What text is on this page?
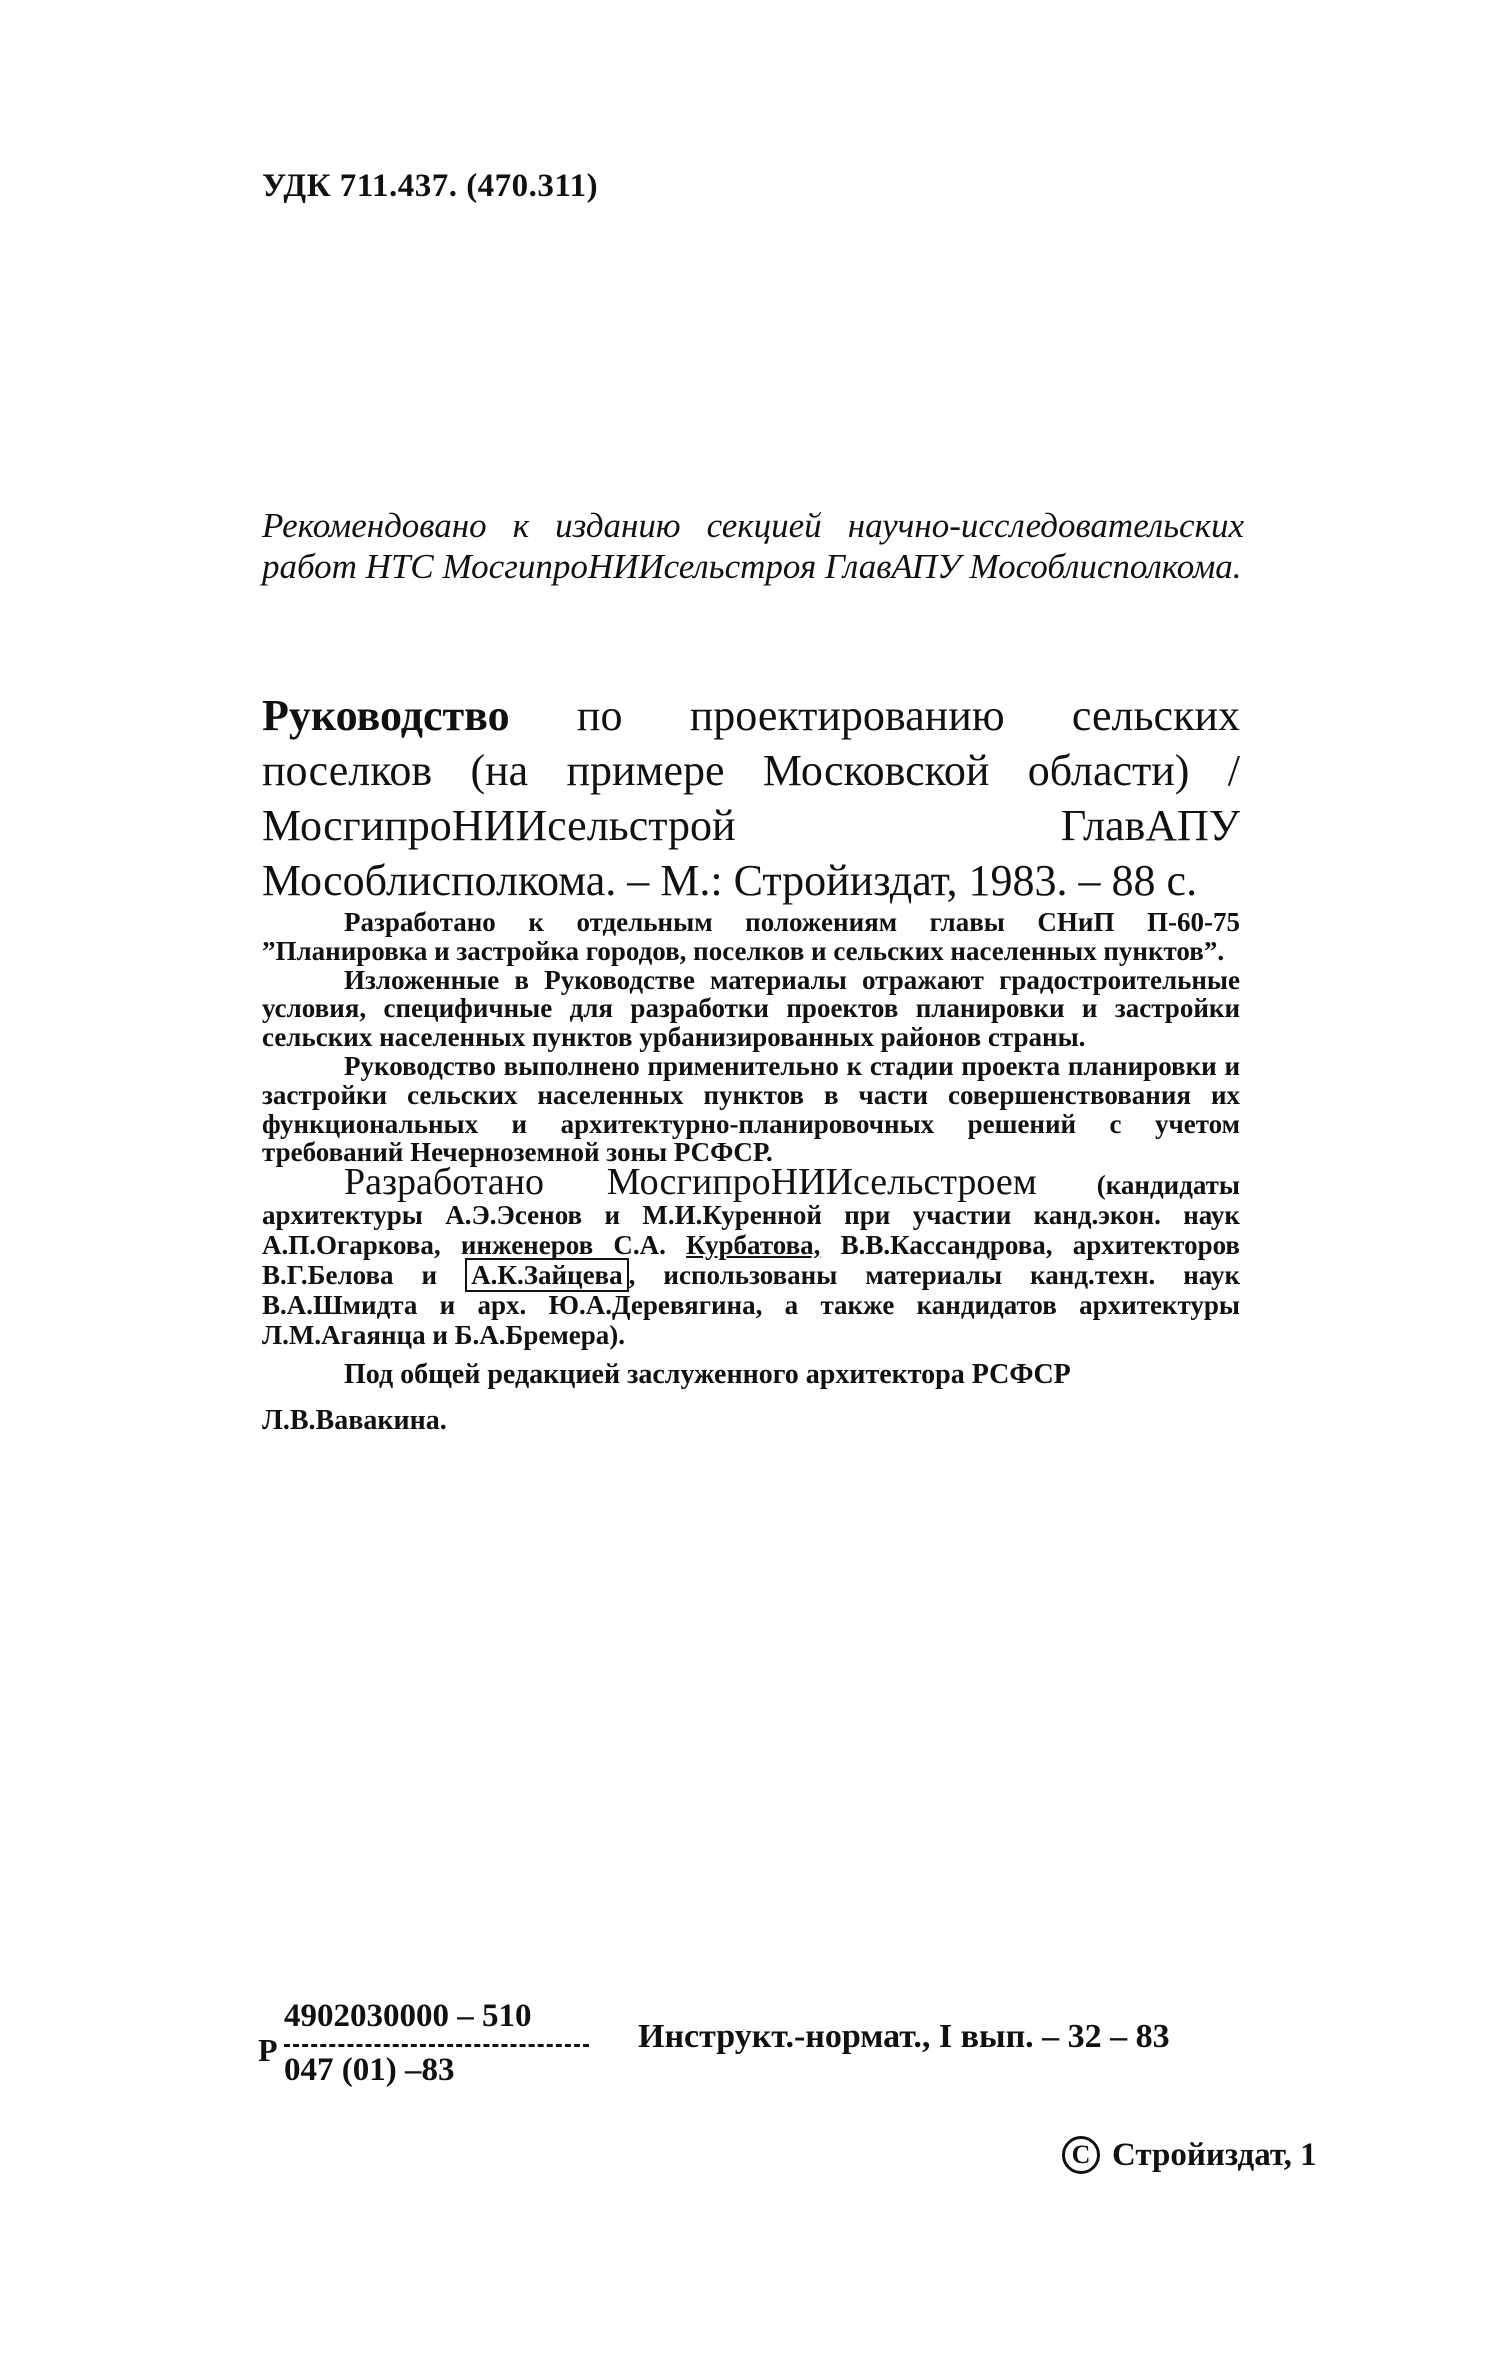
УДК 711.437. (470.311)

Рекомендовано к изданию секцией научно-исследовательских работ НТС МосгипроНИИсельстроя ГлавАПУ Мособлисполкома.

Руководство по проектированию сельских поселков (на примере Московской области) / МосгипроНИИсельстрой ГлавАПУ Мособлисполкома. – М.: Стройиздат, 1983. – 88 с.

Разработано к отдельным положениям главы СНиП П-60-75 ”Планировка и застройка городов, поселков и сельских населенных пунктов”.

Изложенные в Руководстве материалы отражают градостроительные условия, специфичные для разработки проектов планировки и застройки сельских населенных пунктов урбанизированных районов страны.

Руководство выполнено применительно к стадии проекта планировки и застройки сельских населенных пунктов в части совершенствования их функциональных и архитектурно-планировочных решений с учетом требований Нечерноземной зоны РСФСР.

Разработано МосгипроНИИсельстроем (кандидаты архитектуры А.Э.Эсенов и М.И.Куренной при участии канд.экон. наук А.П.Огаркова, инженеров С.А. Курбатова, В.В.Кассандрова, архитекторов В.Г.Белова и А.К.Зайцева , использованы материалы канд.техн. наук В.А.Шмидта и арх. Ю.А.Деревягина, а также кандидатов архитектуры Л.М.Агаянца и Б.А.Бремера).

Под общей редакцией заслуженного архитектора РСФСР
Л.В.Вавакина.
Р
4902030000 – 510
047 (01) –83
Инструкт.-нормат., I вып. – 32 – 83
C Стройиздат, 1
